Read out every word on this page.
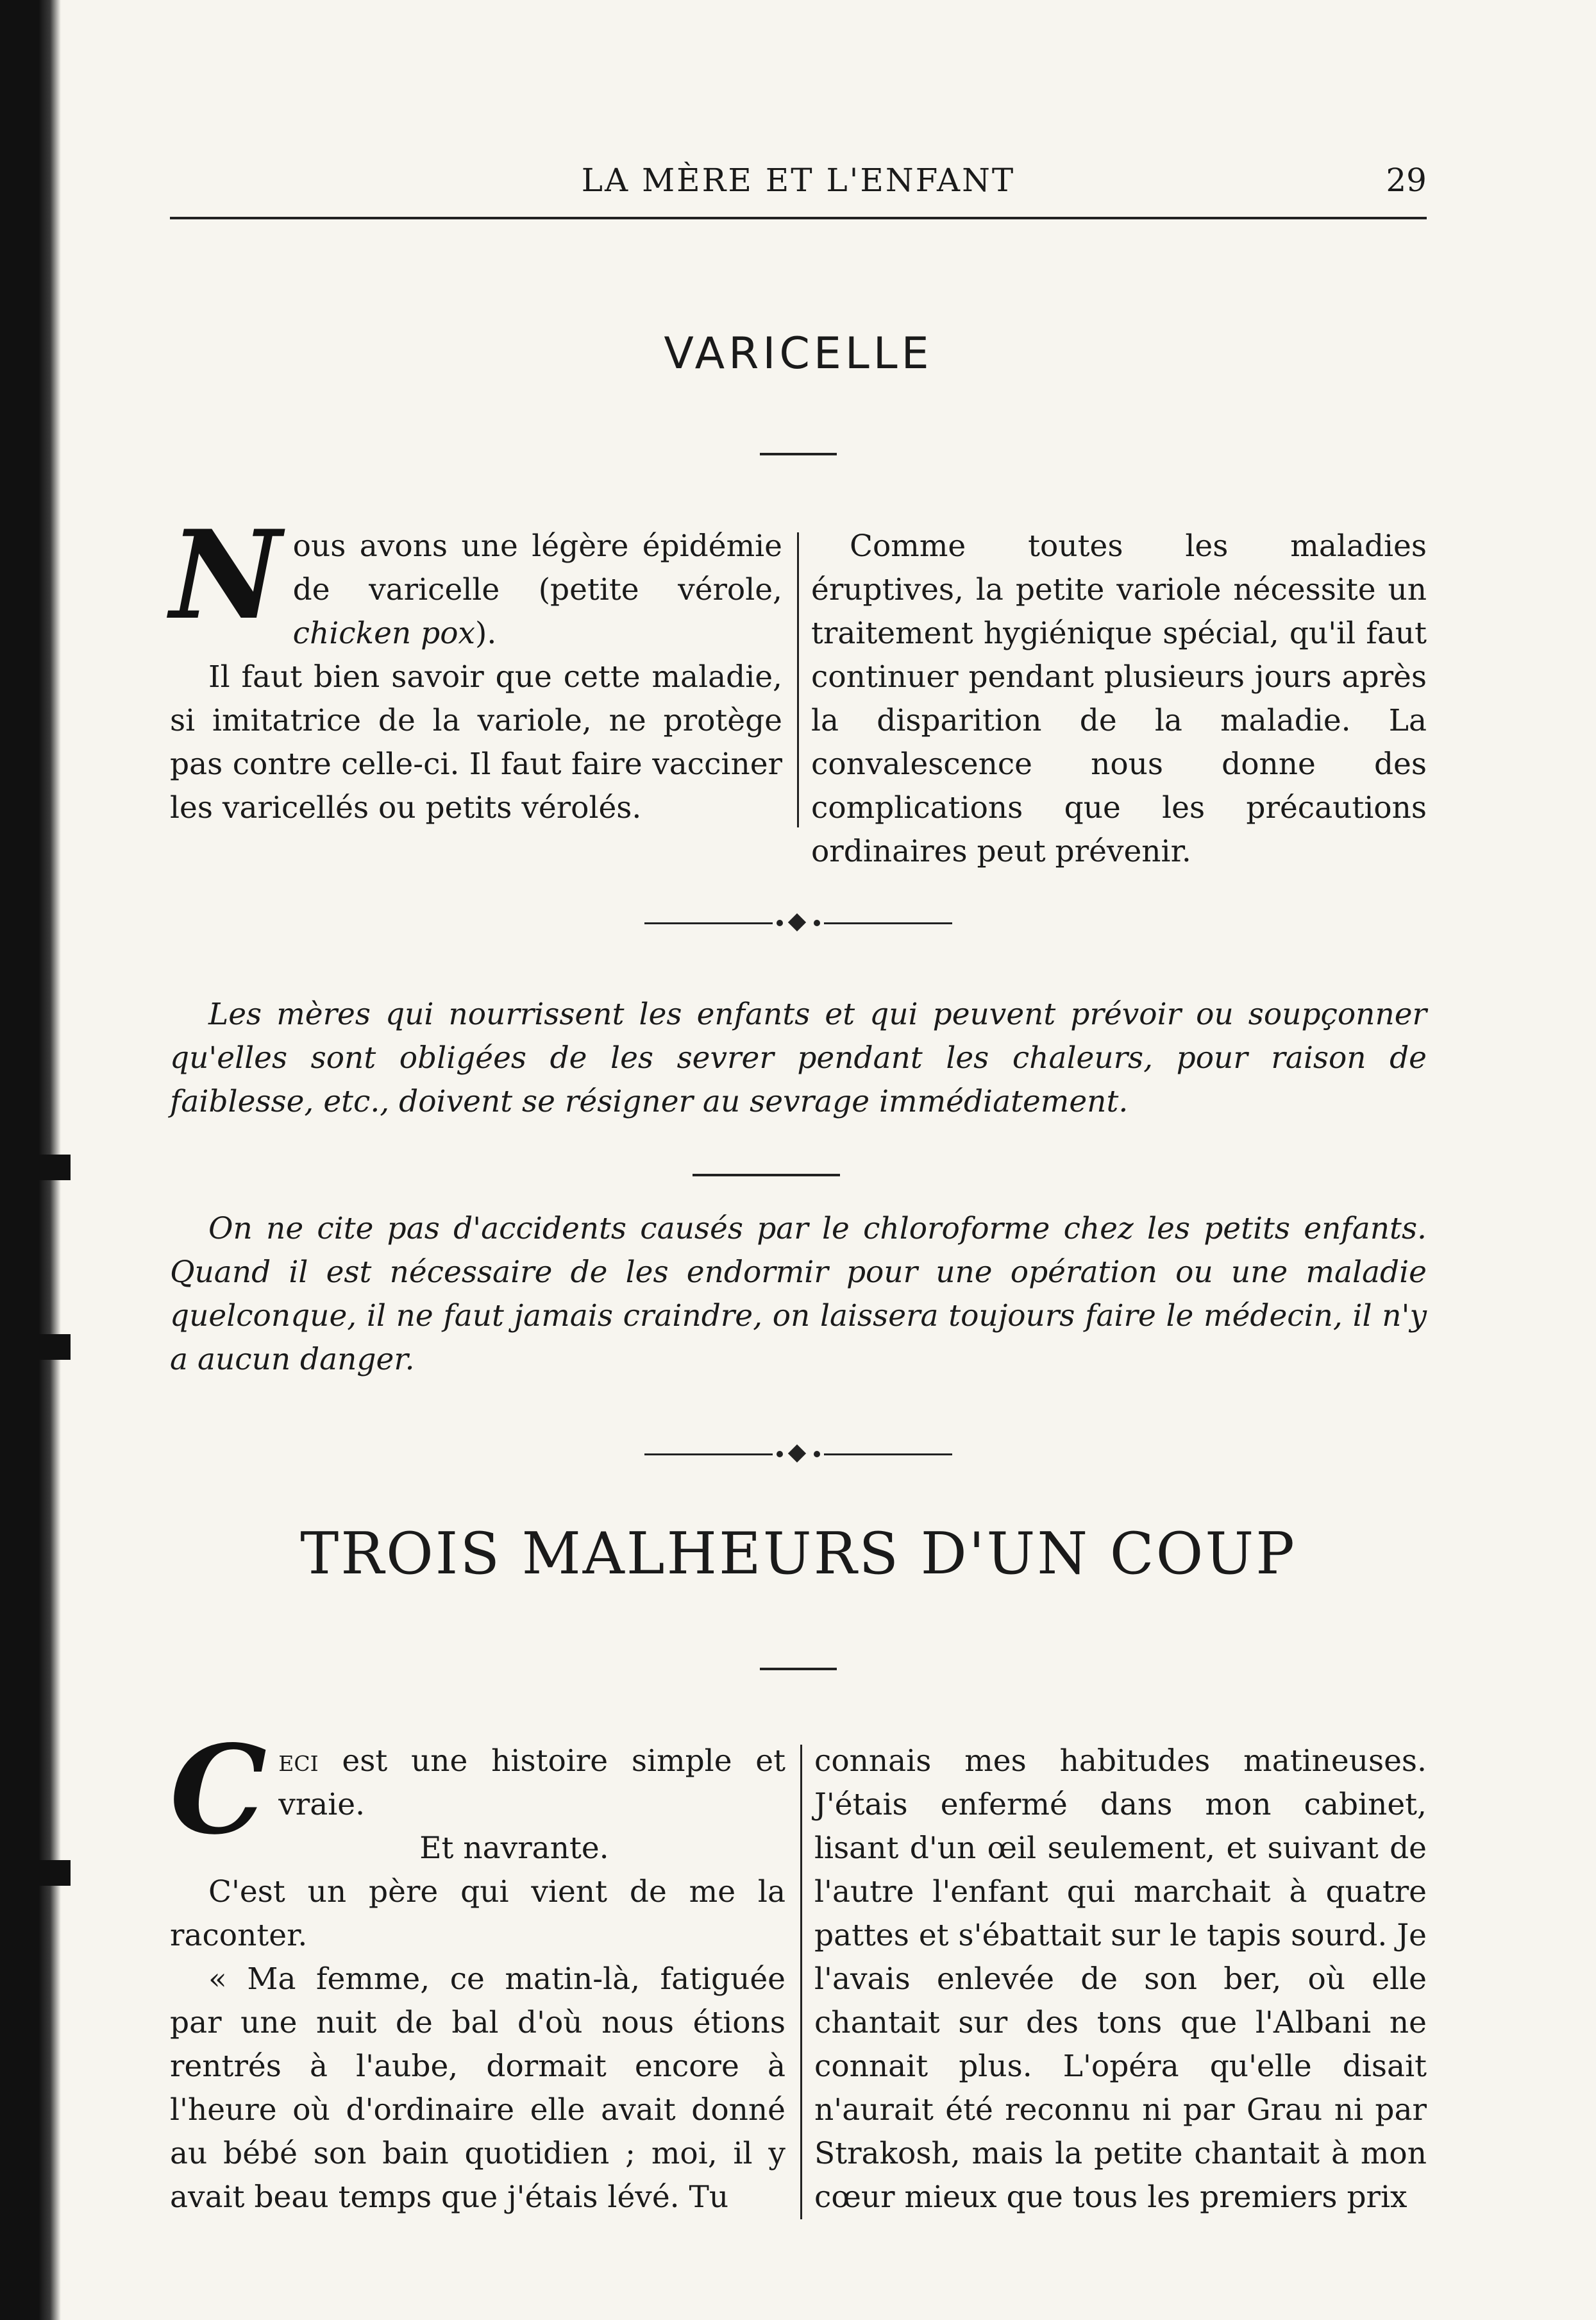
LA MÈRE ET L'ENFANT	29
VARICELLE

Nous avons une légère épidémie de varicelle (petite vérole, chicken pox).

Il faut bien savoir que cette maladie, si imitatrice de la variole, ne protège pas contre celle-ci. Il faut faire vacciner les varicellés ou petits vérolés.

Comme toutes les maladies éruptives, la petite variole nécessite un traitement hygiénique spécial, qu'il faut continuer pendant plusieurs jours après la disparition de la maladie. La convalescence nous donne des complications que les précautions ordinaires peut prévenir.

Les mères qui nourrissent les enfants et qui peuvent prévoir ou soupçonner qu'elles sont obligées de les sevrer pendant les chaleurs, pour raison de faiblesse, etc., doivent se résigner au sevrage immédiatement.
On ne cite pas d'accidents causés par le chloroforme chez les petits enfants. Quand il est nécessaire de les endormir pour une opération ou une maladie quelconque, il ne faut jamais craindre, on laissera toujours faire le médecin, il n'y a aucun danger.
TROIS MALHEURS D'UN COUP

Ceci est une histoire simple et vraie.

Et navrante.

C'est un père qui vient de me la raconter.

« Ma femme, ce matin-là, fatiguée par une nuit de bal d'où nous étions rentrés à l'aube, dormait encore à l'heure où d'ordinaire elle avait donné au bébé son bain quotidien ; moi, il y avait beau temps que j'étais lévé. Tu

connais mes habitudes matineuses. J'étais enfermé dans mon cabinet, lisant d'un œil seulement, et suivant de l'autre l'enfant qui marchait à quatre pattes et s'ébattait sur le tapis sourd. Je l'avais enlevée de son ber, où elle chantait sur des tons que l'Albani ne connait plus. L'opéra qu'elle disait n'aurait été reconnu ni par Grau ni par Strakosh, mais la petite chantait à mon cœur mieux que tous les premiers prix
